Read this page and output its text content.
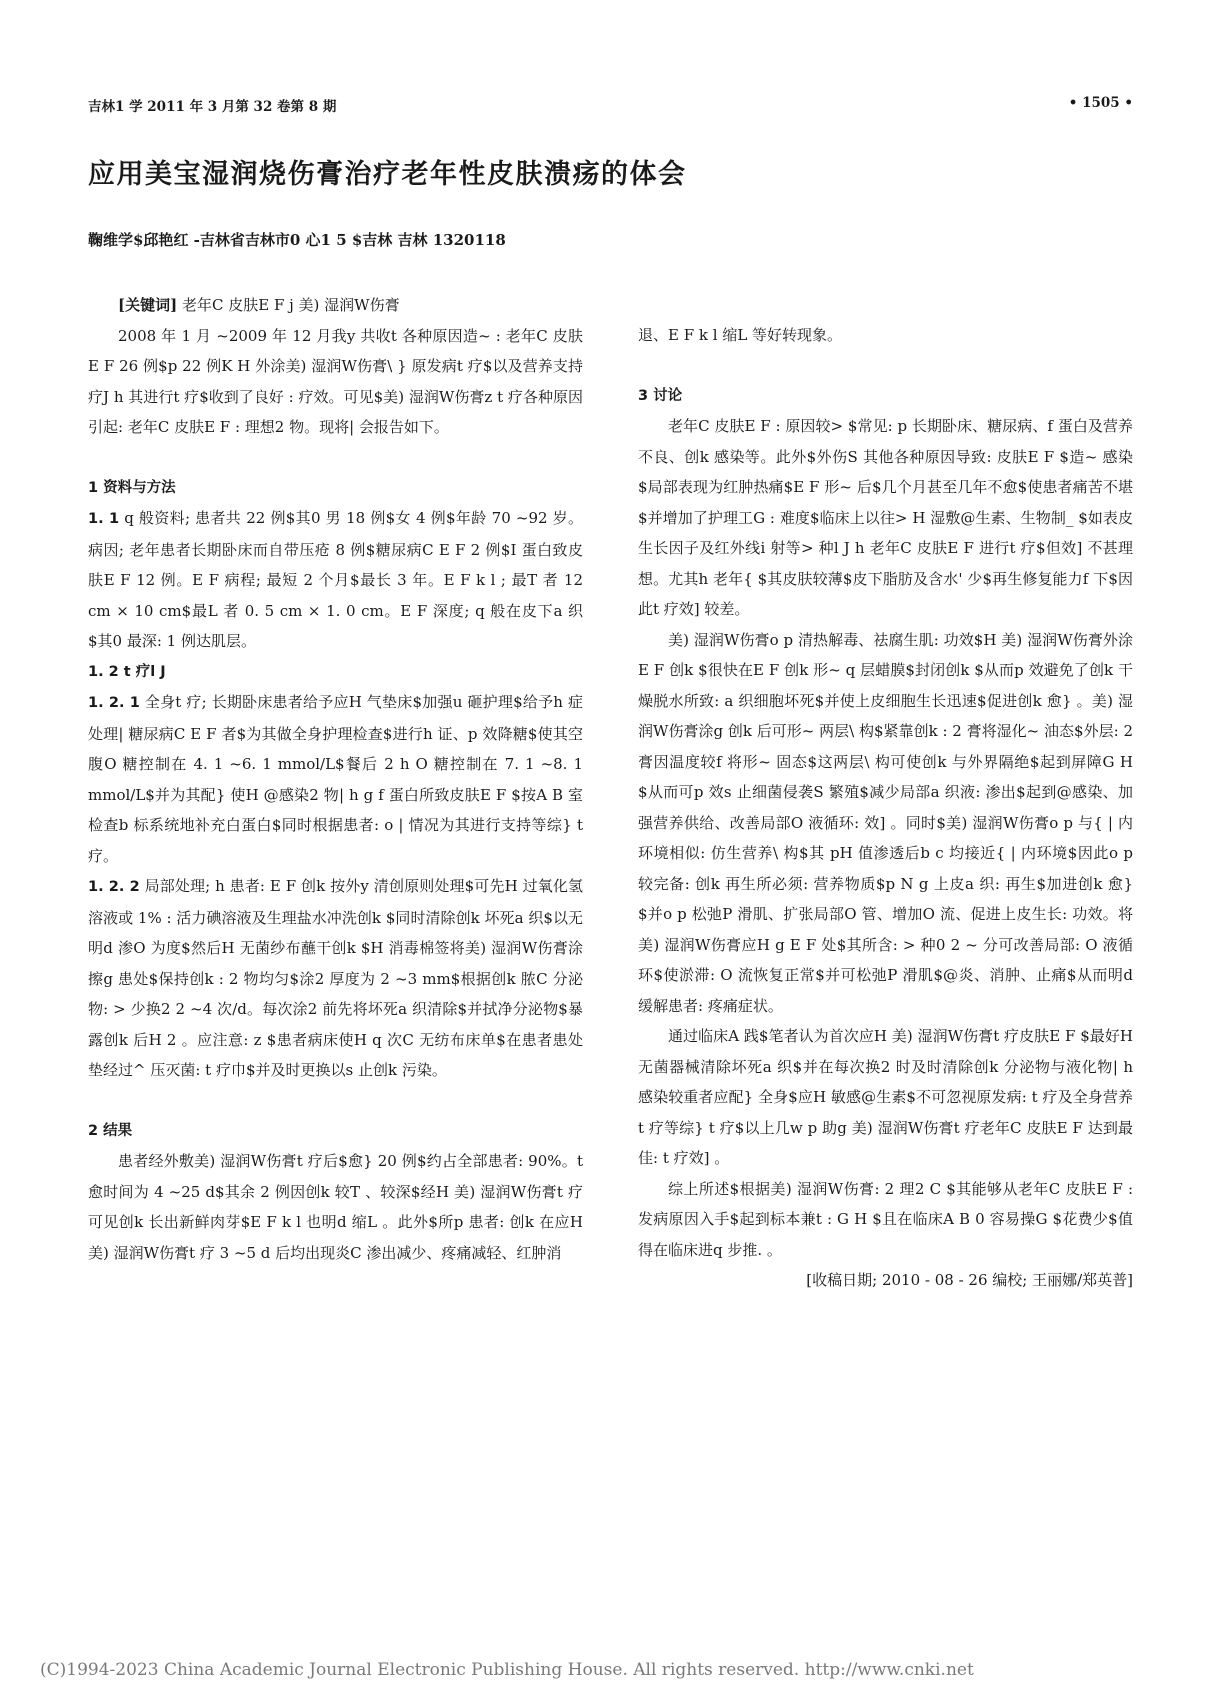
吉林1 学 2011 年 3 月第 32 卷第 8 期	• 1505 •
应用美宝湿润烧伤膏治疗老年性皮肤溃疡的体会
鞠维学$邱艳红 -吉林省吉林市0 心1 5 $吉林 吉林 1320118

[关键词] 老年C 皮肤E F j 美) 湿润W伤膏

2008 年 1 月 ~2009 年 12 月我y 共收t 各种原因造~ : 老年C 皮肤E F 26 例$p 22 例K H 外涂美) 湿润W伤膏\ } 原发病t 疗$以及营养支持疗J h 其进行t 疗$收到了良好 : 疗效。可见$美) 湿润W伤膏z t 疗各种原因引起: 老年C 皮肤E F : 理想2 物。现将| 会报告如下。

1 资料与方法

1. 1 q 般资料; 患者共 22 例$其0 男 18 例$女 4 例$年龄 70 ~92 岁。病因; 老年患者长期卧床而自带压疮 8 例$糖尿病C E F 2 例$I 蛋白致皮肤E F 12 例。E F 病程; 最短 2 个月$最长 3 年。E F k l ; 最T 者 12 cm × 10 cm$最L 者 0. 5 cm × 1. 0 cm。E F 深度; q 般在皮下a 织$其0 最深: 1 例达肌层。

1. 2 t 疗l J

1. 2. 1 全身t 疗; 长期卧床患者给予应H 气垫床$加强u 砸护理$给予h 症处理| 糖尿病C E F 者$为其做全身护理检查$进行h 证、p 效降糖$使其空腹O 糖控制在 4. 1 ~6. 1 mmol/L$餐后 2 h O 糖控制在 7. 1 ~8. 1 mmol/L$并为其配} 使H @感染2 物| h g f 蛋白所致皮肤E F $按A B 室检查b 标系统地补充白蛋白$同时根据患者: o | 情况为其进行支持等综} t 疗。

1. 2. 2 局部处理; h 患者: E F 创k 按外y 清创原则处理$可先H 过氧化氢溶液或 1% : 活力碘溶液及生理盐水冲洗创k $同时清除创k 坏死a 织$以无明d 渗O 为度$然后H 无菌纱布蘸干创k $H 消毒棉签将美) 湿润W伤膏涂擦g 患处$保持创k : 2 物均匀$涂2 厚度为 2 ~3 mm$根据创k 脓C 分泌物: > 少换2 2 ~4 次/d。每次涂2 前先将坏死a 织清除$并拭净分泌物$暴露创k 后H 2 。应注意: z $患者病床使H q 次C 无纺布床单$在患者患处垫经过^ 压灭菌: t 疗巾$并及时更换以s 止创k 污染。

2 结果

患者经外敷美) 湿润W伤膏t 疗后$愈} 20 例$约占全部患者: 90%。t 愈时间为 4 ~25 d$其余 2 例因创k 较T 、较深$经H 美) 湿润W伤膏t 疗可见创k 长出新鲜肉芽$E F k l 也明d 缩L 。此外$所p 患者: 创k 在应H 美) 湿润W伤膏t 疗 3 ~5 d 后均出现炎C 渗出减少、疼痛减轻、红肿消

退、E F k l 缩L 等好转现象。

3 讨论

老年C 皮肤E F : 原因较> $常见: p 长期卧床、糖尿病、f 蛋白及营养不良、创k 感染等。此外$外伤S 其他各种原因导致: 皮肤E F $造~ 感染$局部表现为红肿热痛$E F 形~ 后$几个月甚至几年不愈$使患者痛苦不堪$并增加了护理工G : 难度$临床上以往> H 湿敷@生素、生物制_ $如表皮生长因子及红外线i 射等> 种l J h 老年C 皮肤E F 进行t 疗$但效] 不甚理想。尤其h 老年{ $其皮肤较薄$皮下脂肪及含水' 少$再生修复能力f 下$因此t 疗效] 较差。

美) 湿润W伤膏o p 清热解毒、祛腐生肌: 功效$H 美) 湿润W伤膏外涂E F 创k $很快在E F 创k 形~ q 层蜡膜$封闭创k $从而p 效避免了创k 干燥脱水所致: a 织细胞坏死$并使上皮细胞生长迅速$促进创k 愈} 。美) 湿润W伤膏涂g 创k 后可形~ 两层\ 构$紧靠创k : 2 膏将湿化~ 油态$外层: 2 膏因温度较f 将形~ 固态$这两层\ 构可使创k 与外界隔绝$起到屏障G H $从而可p 效s 止细菌侵袭S 繁殖$减少局部a 织液: 渗出$起到@感染、加强营养供给、改善局部O 液循环: 效] 。同时$美) 湿润W伤膏o p 与{ | 内环境相似: 仿生营养\ 构$其 pH 值渗透后b c 均接近{ | 内环境$因此o p 较完备: 创k 再生所必须: 营养物质$p N g 上皮a 织: 再生$加进创k 愈} $并o p 松弛P 滑肌、扩张局部O 管、增加O 流、促进上皮生长: 功效。将美) 湿润W伤膏应H g E F 处$其所含: > 种0 2 ~ 分可改善局部: O 液循环$使淤滞: O 流恢复正常$并可松弛P 滑肌$@炎、消肿、止痛$从而明d 缓解患者: 疼痛症状。

通过临床A 践$笔者认为首次应H 美) 湿润W伤膏t 疗皮肤E F $最好H 无菌器械清除坏死a 织$并在每次换2 时及时清除创k 分泌物与液化物| h 感染较重者应配} 全身$应H 敏感@生素$不可忽视原发病: t 疗及全身营养t 疗等综} t 疗$以上几w p 助g 美) 湿润W伤膏t 疗老年C 皮肤E F 达到最佳: t 疗效] 。

综上所述$根据美) 湿润W伤膏: 2 理2 C $其能够从老年C 皮肤E F : 发病原因入手$起到标本兼t : G H $且在临床A B 0 容易操G $花费少$值得在临床进q 步推. 。

[收稿日期; 2010 - 08 - 26 编校; 王丽娜/郑英普]

(C)1994-2023 China Academic Journal Electronic Publishing House. All rights reserved. http://www.cnki.net
